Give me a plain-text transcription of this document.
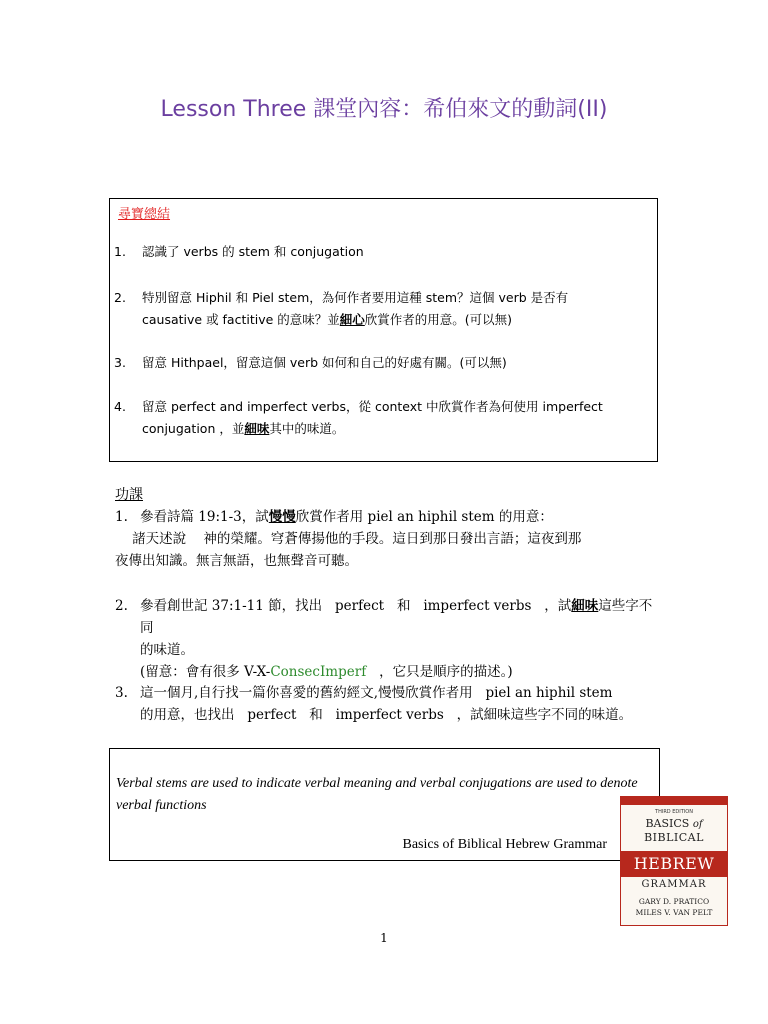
Lesson Three 課堂內容：希伯來文的動詞(II)
尋寶總結
1. 認識了 verbs 的 stem 和 conjugation
2. 特別留意 Hiphil 和 Piel stem，為何作者要用這種 stem？這個 verb 是否有
causative 或 factitive 的意味？並細心欣賞作者的用意。(可以無)
3. 留意 Hithpael，留意這個 verb 如何和自己的好處有關。(可以無)
4. 留意 perfect and imperfect verbs，從 context 中欣賞作者為何使用 imperfect
conjugation ，並細味其中的味道。
功課
1. 參看詩篇 19:1-3，試慢慢欣賞作者用 piel an hiphil stem 的用意：
諸天述說    神的榮耀。穹蒼傳揚他的手段。這日到那日發出言語；這夜到那
夜傳出知識。無言無語，也無聲音可聽。
2. 參看創世記 37:1-11 節，找出   perfect   和   imperfect verbs   ，試細味這些字不同
的味道。
(留意：會有很多 V-X-ConsecImperf   ，它只是順序的描述。)
3. 這一個月,自行找一篇你喜愛的舊約經文,慢慢欣賞作者用   piel an hiphil stem
的用意，也找出   perfect   和   imperfect verbs   ，試細味這些字不同的味道。
Verbal stems are used to indicate verbal meaning and verbal conjugations are used to denote verbal functions
Basics of Biblical Hebrew Grammar
THIRD EDITION
BASICS of
BIBLICAL
HEBREW
GRAMMAR
GARY D. PRATICO
MILES V. VAN PELT
1
